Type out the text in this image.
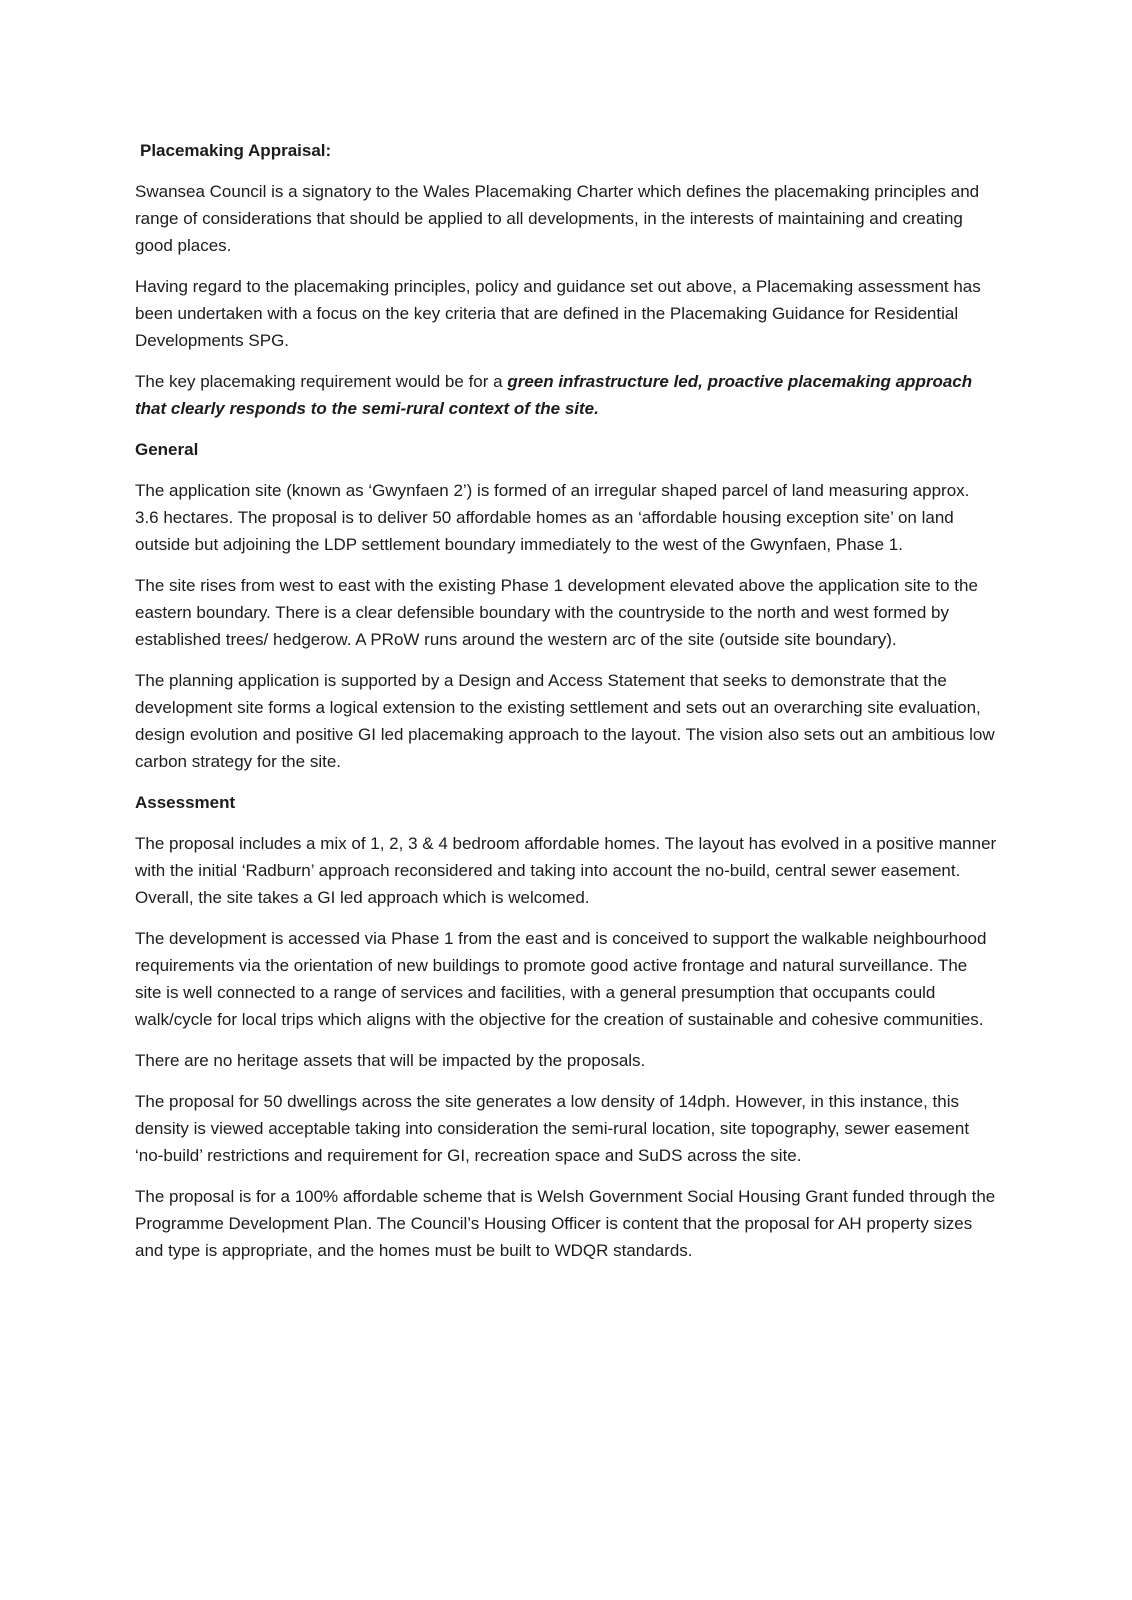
Placemaking Appraisal:

Swansea Council is a signatory to the Wales Placemaking Charter which defines the placemaking principles and range of considerations that should be applied to all developments, in the interests of maintaining and creating good places.

Having regard to the placemaking principles, policy and guidance set out above, a Placemaking assessment has been undertaken with a focus on the key criteria that are defined in the Placemaking Guidance for Residential Developments SPG.

The key placemaking requirement would be for a green infrastructure led, proactive placemaking approach that clearly responds to the semi-rural context of the site.

General

The application site (known as ‘Gwynfaen 2’) is formed of an irregular shaped parcel of land measuring approx. 3.6 hectares. The proposal is to deliver 50 affordable homes as an ‘affordable housing exception site’ on land outside but adjoining the LDP settlement boundary immediately to the west of the Gwynfaen, Phase 1.

The site rises from west to east with the existing Phase 1 development elevated above the application site to the eastern boundary. There is a clear defensible boundary with the countryside to the north and west formed by established trees/ hedgerow. A PRoW runs around the western arc of the site (outside site boundary).

The planning application is supported by a Design and Access Statement that seeks to demonstrate that the development site forms a logical extension to the existing settlement and sets out an overarching site evaluation, design evolution and positive GI led placemaking approach to the layout. The vision also sets out an ambitious low carbon strategy for the site.

Assessment

The proposal includes a mix of 1, 2, 3 & 4 bedroom affordable homes. The layout has evolved in a positive manner with the initial ‘Radburn’ approach reconsidered and taking into account the no-build, central sewer easement. Overall, the site takes a GI led approach which is welcomed.

The development is accessed via Phase 1 from the east and is conceived to support the walkable neighbourhood requirements via the orientation of new buildings to promote good active frontage and natural surveillance. The site is well connected to a range of services and facilities, with a general presumption that occupants could walk/cycle for local trips which aligns with the objective for the creation of sustainable and cohesive communities.

There are no heritage assets that will be impacted by the proposals.

The proposal for 50 dwellings across the site generates a low density of 14dph. However, in this instance, this density is viewed acceptable taking into consideration the semi-rural location, site topography, sewer easement ‘no-build’ restrictions and requirement for GI, recreation space and SuDS across the site.

The proposal is for a 100% affordable scheme that is Welsh Government Social Housing Grant funded through the Programme Development Plan. The Council’s Housing Officer is content that the proposal for AH property sizes and type is appropriate, and the homes must be built to WDQR standards.
